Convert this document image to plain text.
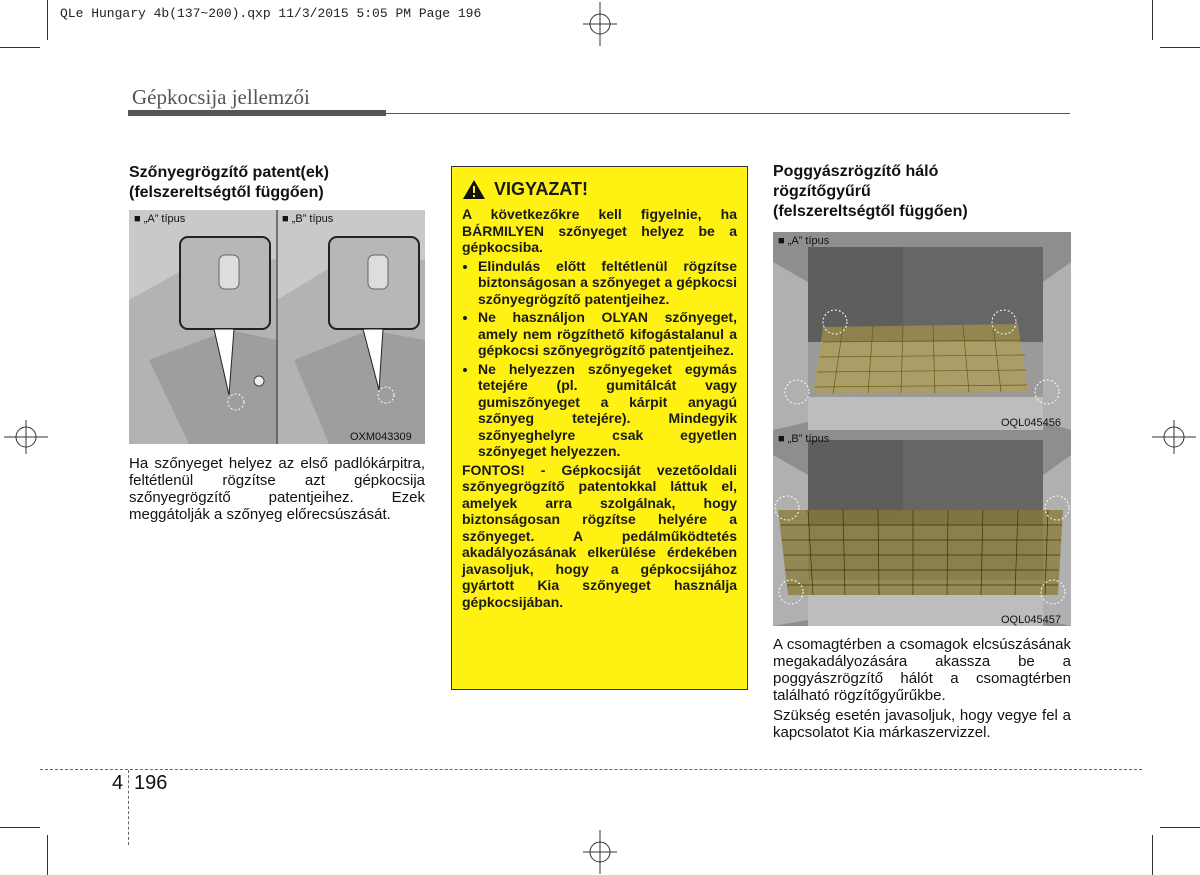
QLe Hungary 4b(137~200).qxp 11/3/2015 5:05 PM Page 196
Gépkocsija jellemzői
Szőnyegrögzítő patent(ek)
(felszereltségtől függően)
■ „A” típus	■ „B” típus
OXM043309
Ha szőnyeget helyez az első padlókárpitra, feltétlenül rögzítse azt gépkocsija szőnyegrögzítő patentjeihez. Ezek meggátolják a szőnyeg előrecsúszását.
VIGYAZAT!

A következőkre kell figyelnie, ha BÁRMILYEN szőnyeget helyez be a gépkocsiba.

• Elindulás előtt feltétlenül rögzítse biztonságosan a szőnyeget a gépkocsi szőnyegrögzítő patentjeihez.
• Ne használjon OLYAN szőnyeget, amely nem rögzíthető kifogástalanul a gépkocsi szőnyegrögzítő patentjeihez.
• Ne helyezzen szőnyegeket egymás tetejére (pl. gumitálcát vagy gumiszőnyeget a kárpit anyagú szőnyeg tetejére). Mindegyik szőnyeghelyre csak egyetlen szőnyeget helyezzen.

FONTOS! - Gépkocsiját vezetőoldali szőnyegrögzítő patentokkal láttuk el, amelyek arra szolgálnak, hogy biztonságosan rögzítse helyére a szőnyeget. A pedálműködtetés akadályozásának elkerülése érdekében javasoljuk, hogy a gépkocsijához gyártott Kia szőnyeget használja gépkocsijában.

Poggyászrögzítő háló
rögzítőgyűrű
(felszereltségtől függően)
■ „A” típus
OQL045456
■ „B” típus
OQL045457
A csomagtérben a csomagok elcsúszásának megakadályozására akassza be a poggyászrögzítő hálót a csomagtérben található rögzítőgyűrűkbe.
Szükség esetén javasoljuk, hogy vegye fel a kapcsolatot Kia márkaszervizzel.
4 196
